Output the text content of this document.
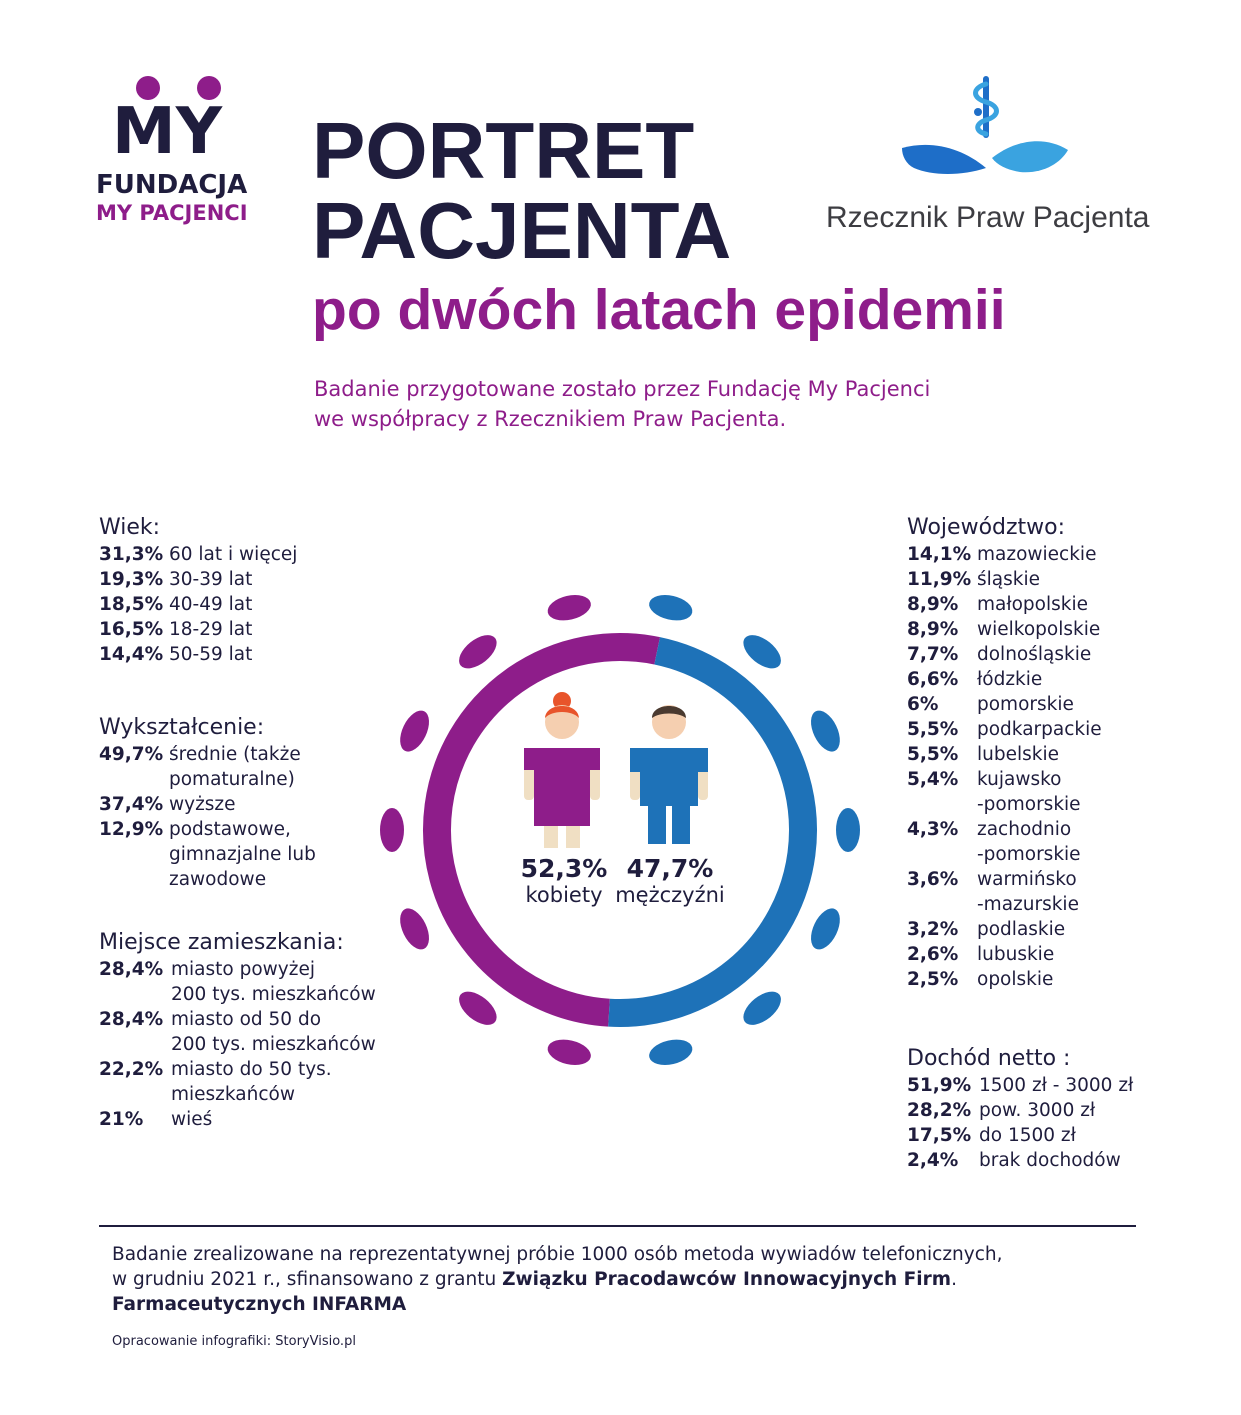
MY
FUNDACJA
MY PACJENCI	Rzecznik Praw Pacjenta
PORTRET
PACJENTA
po dwóch latach epidemii
Badanie przygotowane zostało przez Fundację My Pacjenci
we współpracy z Rzecznikiem Praw Pacjenta.
Wiek:
31,3% 60 lat i więcej
19,3% 30-39 lat
18,5% 40-49 lat
16,5% 18-29 lat
14,4% 50-59 lat
Wykształcenie:
49,7% średnie (także
pomaturalne)
37,4% wyższe
12,9% podstawowe,
gimnazjalne lub
zawodowe
Miejsce zamieszkania:
28,4% miasto powyżej
200 tys. mieszkańców
28,4% miasto od 50 do
200 tys. mieszkańców
22,2% miasto do 50 tys.
mieszkańców
21%	wieś
Województwo:
14,1% mazowieckie
11,9% śląskie
8,9%	małopolskie
8,9%	wielkopolskie
7,7%	dolnośląskie
6,6%	łódzkie
6%	pomorskie
5,5%	podkarpackie
5,5%	lubelskie
5,4%	kujawsko
-pomorskie
4,3%	zachodnio
-pomorskie
3,6%	warmińsko
-mazurskie
3,2%	podlaskie
2,6%	lubuskie
2,5%	opolskie
Dochód netto :
51,9% 1500 zł - 3000 zł
28,2% pow. 3000 zł
17,5% do 1500 zł
2,4%	brak dochodów
52,3%
kobiety
47,7%
mężczyźni
Badanie zrealizowane na reprezentatywnej próbie 1000 osób metoda wywiadów telefonicznych,
w grudniu 2021 r., sfinansowano z grantu Związku Pracodawców Innowacyjnych Firm.
Farmaceutycznych INFARMA
Opracowanie infografiki: StoryVisio.pl
